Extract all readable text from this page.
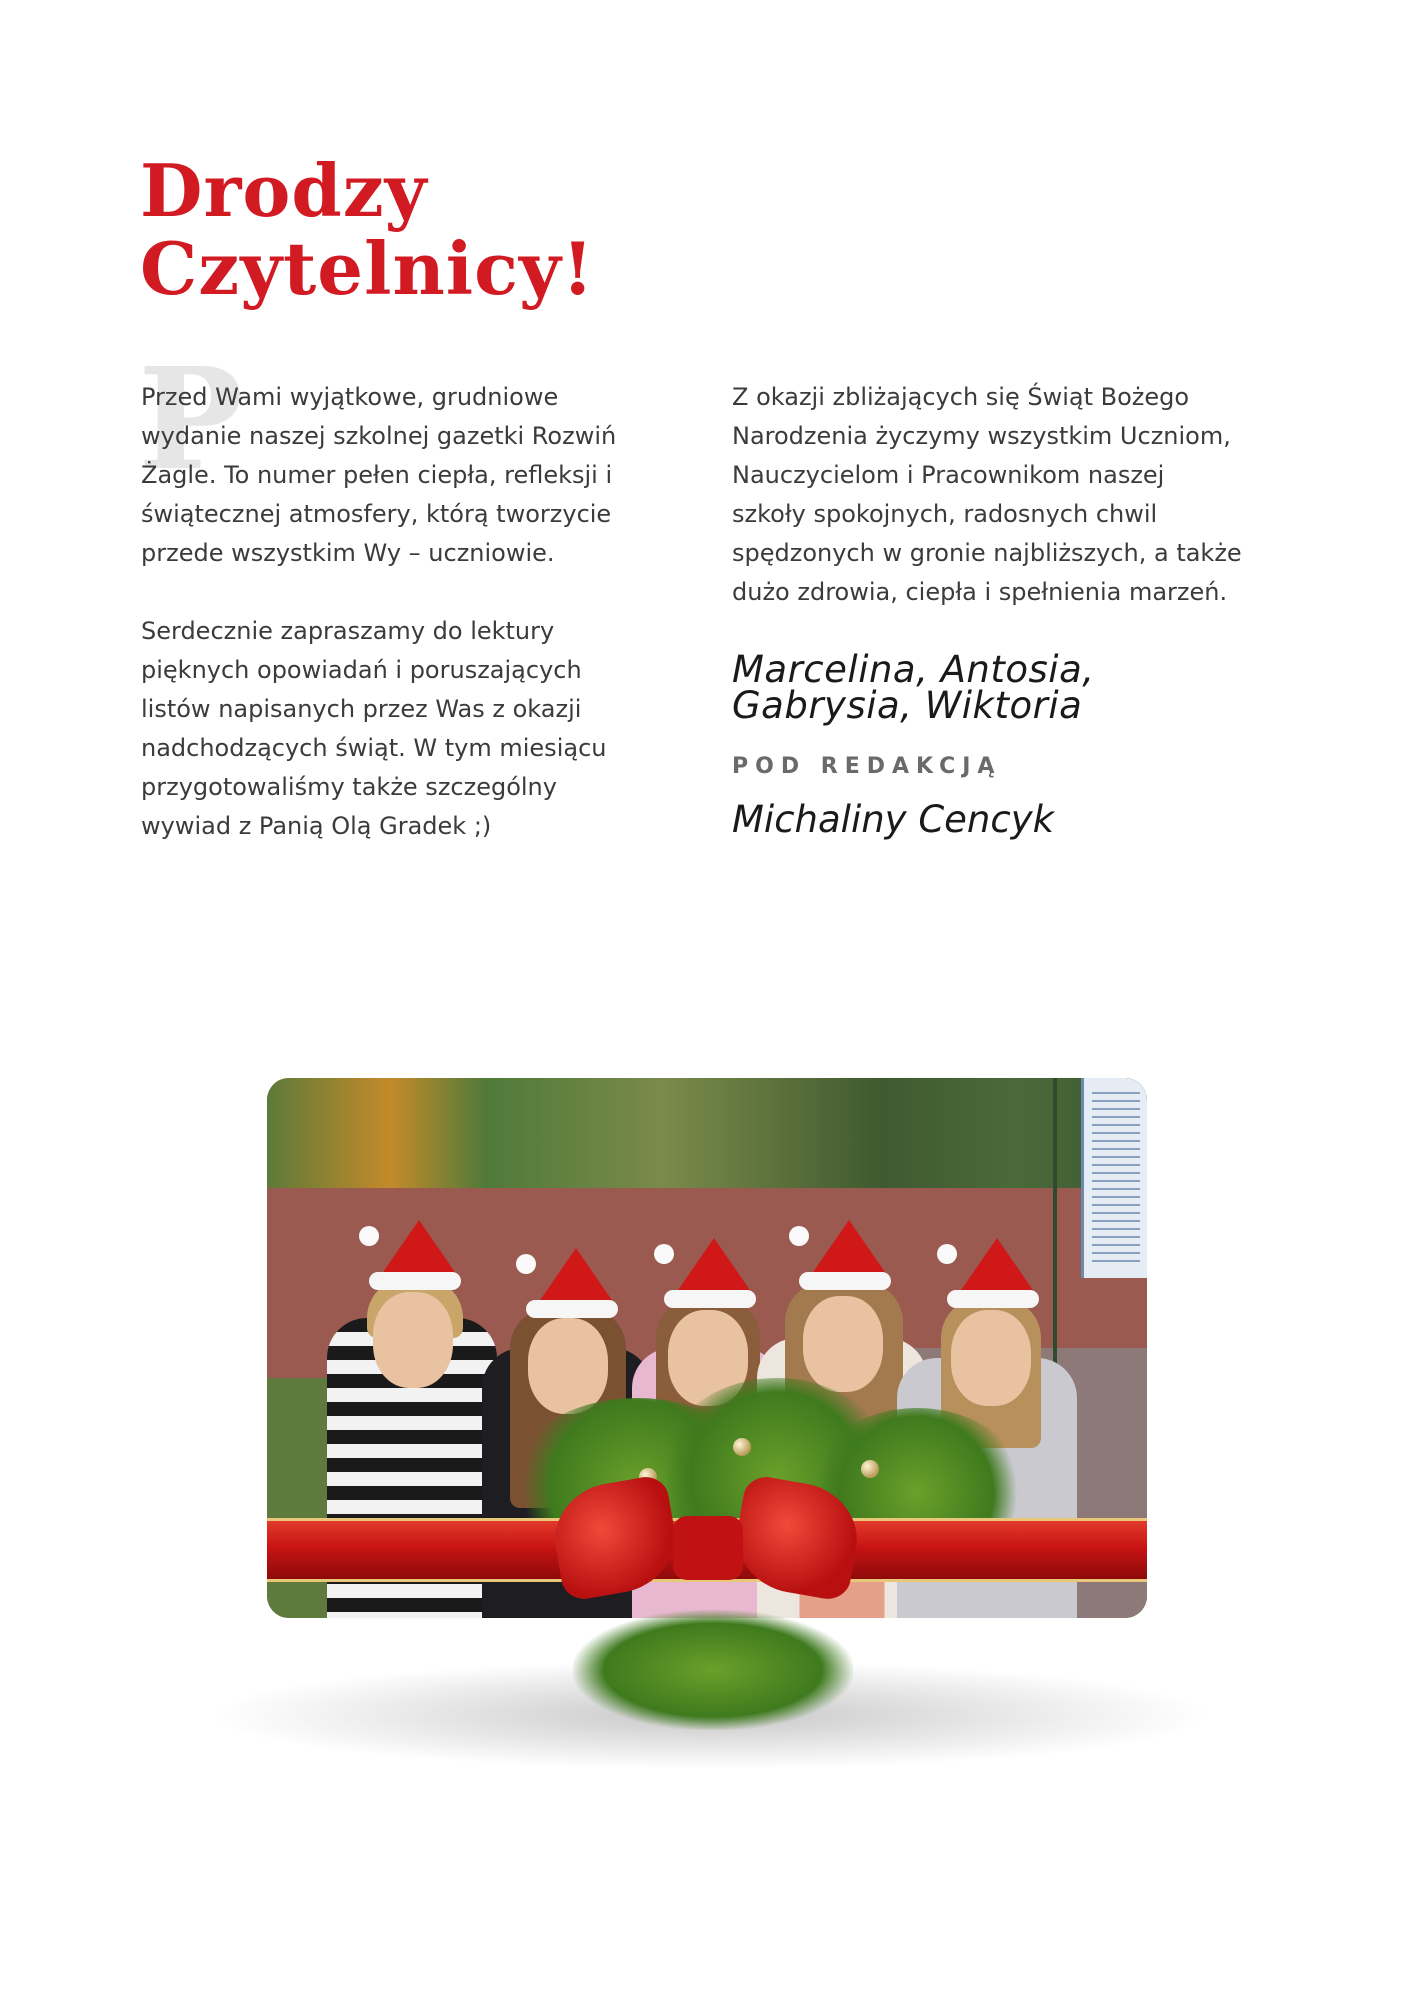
Drodzy
Czytelnicy!
P

Przed Wami wyjątkowe, grudniowe
wydanie naszej szkolnej gazetki Rozwiń
Żagle. To numer pełen ciepła, refleksji i
świątecznej atmosfery, którą tworzycie
przede wszystkim Wy – uczniowie.

Serdecznie zapraszamy do lektury
pięknych opowiadań i poruszających
listów napisanych przez Was z okazji
nadchodzących świąt. W tym miesiącu
przygotowaliśmy także szczególny
wywiad z Panią Olą Gradek ;)

Z okazji zbliżających się Świąt Bożego
Narodzenia życzymy wszystkim Uczniom,
Nauczycielom i Pracownikom naszej
szkoły spokojnych, radosnych chwil
spędzonych w gronie najbliższych, a także
dużo zdrowia, ciepła i spełnienia marzeń.

Marcelina, Antosia,
Gabrysia, Wiktoria
POD REDAKCJĄ
Michaliny Cencyk
